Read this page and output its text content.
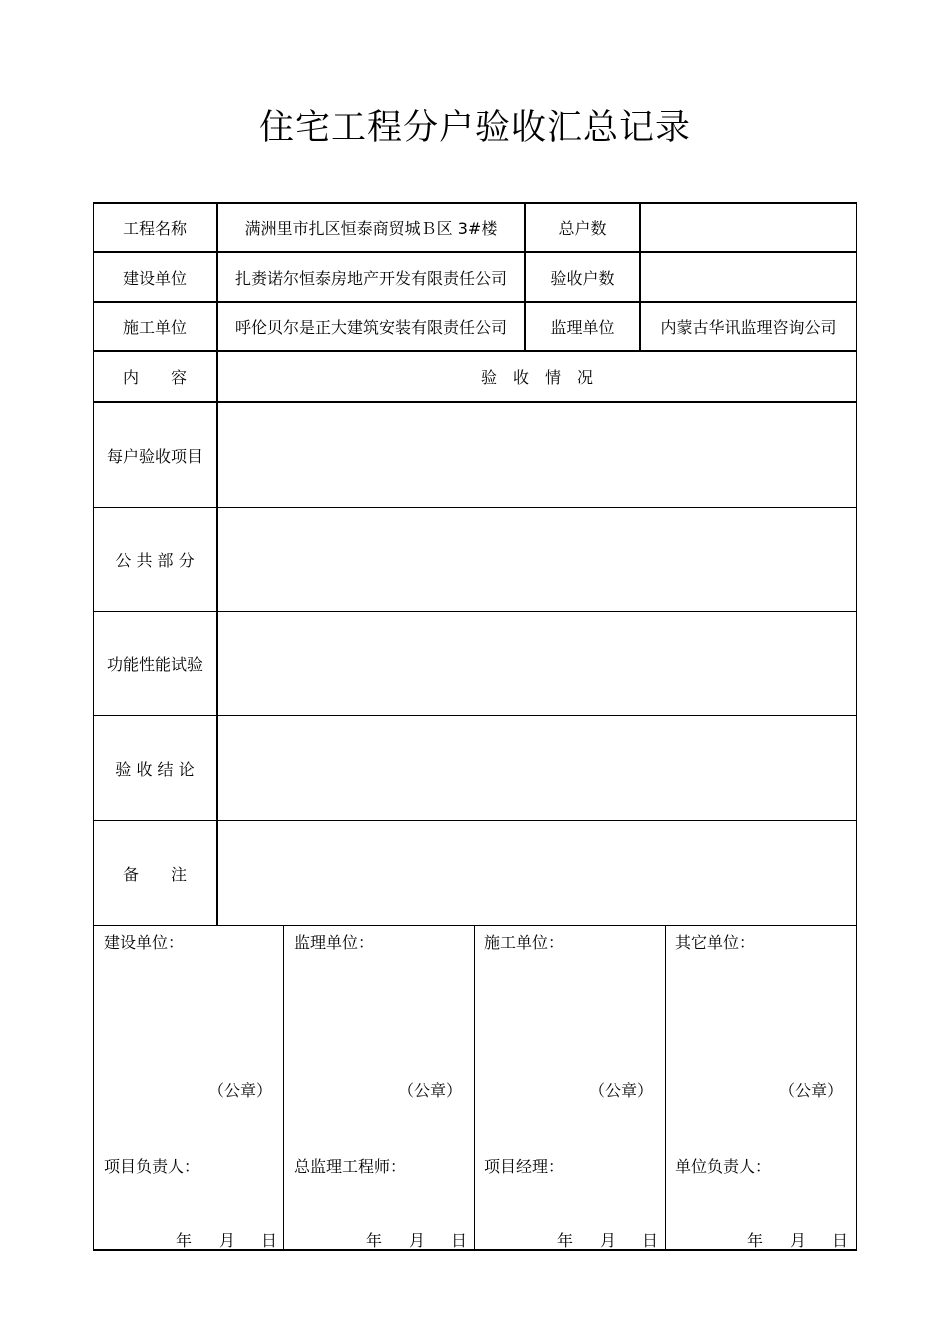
住宅工程分户验收汇总记录
工程名称	满洲里市扎区恒泰商贸城Ｂ区 3#楼	总户数
建设单位	扎赉诺尔恒泰房地产开发有限责任公司	验收户数
施工单位	呼伦贝尔是正大建筑安装有限责任公司	监理单位	内蒙古华讯监理咨询公司
内　　容	验　收　情　况
每户验收项目
公 共 部 分
功能性能试验
验 收 结 论
备　　注
建设单位：
（公章）
项目负责人：
年 月 日
监理单位：
（公章）
总监理工程师：
年 月 日
施工单位：
（公章）
项目经理：
年 月 日
其它单位：
（公章）
单位负责人：
年 月 日
